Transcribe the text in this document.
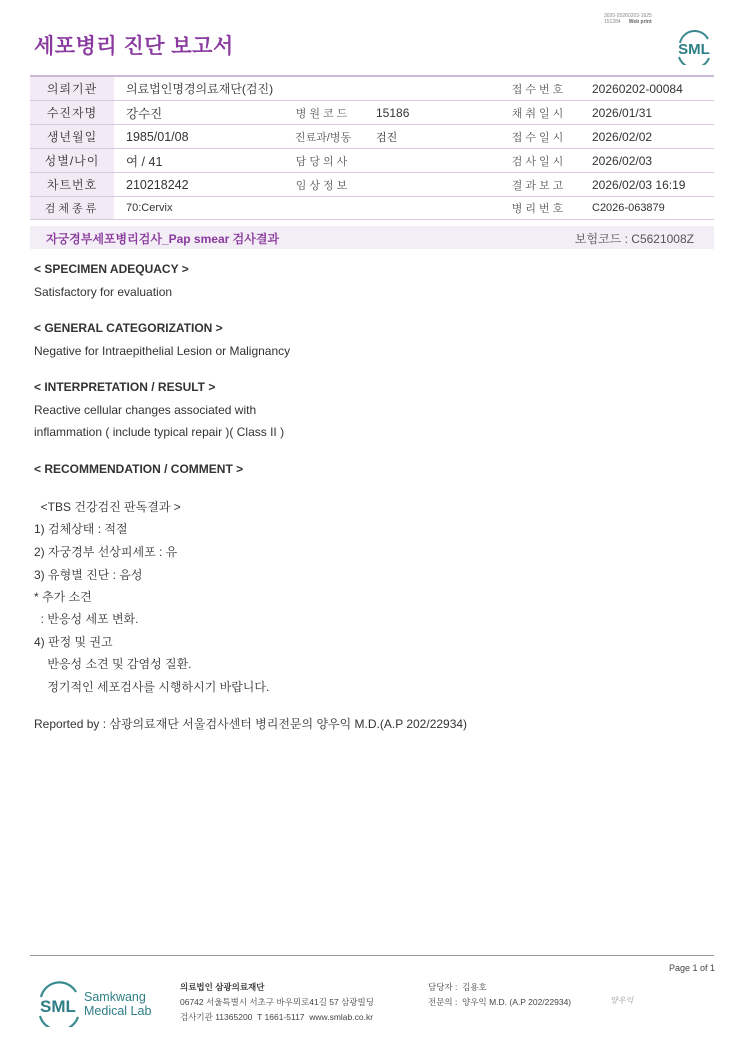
세포병리 진단 보고서
3020-20260203-1625
151284 Web print
SML
의뢰기관	의료법인명경의료재단(검진)			접수번호	20260202-00084
수진자명	강수진	병원코드	15186	채취일시	2026/01/31
생년월일	1985/01/08	진료과/병동	검진	접수일시	2026/02/02
성별/나이	여 / 41	담당의사		검사일시	2026/02/03
차트번호	210218242	임상정보		결과보고	2026/02/03 16:19
검체종류	70:Cervix			병리번호	C2026-063879
자궁경부세포병리검사_Pap smear 검사결과	보험코드 : C5621008Z
< SPECIMEN ADEQUACY >
Satisfactory for evaluation
< GENERAL CATEGORIZATION >
Negative for Intraepithelial Lesion or Malignancy
< INTERPRETATION / RESULT >
Reactive cellular changes associated with
inflammation ( include typical repair )( Class II )
< RECOMMENDATION / COMMENT >
<TBS 건강검진 판독결과 >
1) 검체상태 : 적절
2) 자궁경부 선상피세포 : 유
3) 유형별 진단 : 음성
* 추가 소견
: 반응성 세포 변화.
4) 판정 및 권고
반응성 소견 및 감염성 질환.
정기적인 세포검사를 시행하시기 바랍니다.
Reported by : 삼광의료재단 서울검사센터 병리전문의 양우익 M.D.(A.P 202/22934)
Page 1 of 1
SML Samkwang
Medical Lab
의료법인 삼광의료재단
06742 서울특별시 서초구 바우뫼로41길 57 삼광빌딩
검사기관 11365200  T 1661-5117  www.smlab.co.kr
담당자 :  김용호
전문의 :  양우익 M.D. (A.P 202/22934)	양우익
